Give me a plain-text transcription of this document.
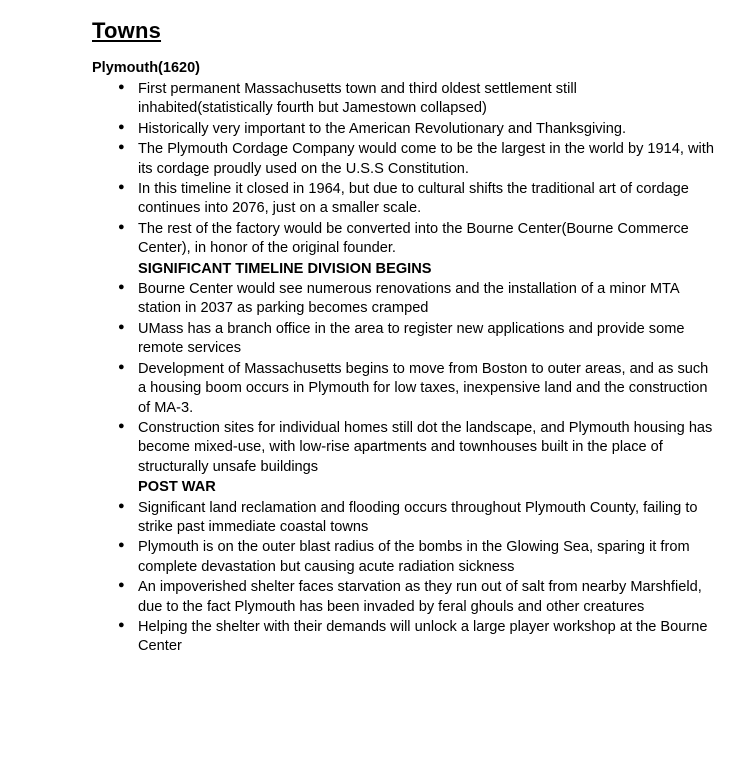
Towns
Plymouth(1620)
● First permanent Massachusetts town and third oldest settlement still inhabited(statistically fourth but Jamestown collapsed)
● Historically very important to the American Revolutionary and Thanksgiving.
● The Plymouth Cordage Company would come to be the largest in the world by 1914, with its cordage proudly used on the U.S.S Constitution.
● In this timeline it closed in 1964, but due to cultural shifts the traditional art of cordage continues into 2076, just on a smaller scale.
● The rest of the factory would be converted into the Bourne Center(Bourne Commerce Center), in honor of the original founder.
SIGNIFICANT TIMELINE DIVISION BEGINS
● Bourne Center would see numerous renovations and the installation of a minor MTA station in 2037 as parking becomes cramped
● UMass has a branch office in the area to register new applications and provide some remote services
● Development of Massachusetts begins to move from Boston to outer areas, and as such a housing boom occurs in Plymouth for low taxes, inexpensive land and the construction of MA-3.
● Construction sites for individual homes still dot the landscape, and Plymouth housing has become mixed-use, with low-rise apartments and townhouses built in the place of structurally unsafe buildings
POST WAR
● Significant land reclamation and flooding occurs throughout Plymouth County, failing to strike past immediate coastal towns
● Plymouth is on the outer blast radius of the bombs in the Glowing Sea, sparing it from complete devastation but causing acute radiation sickness
● An impoverished shelter faces starvation as they run out of salt from nearby Marshfield, due to the fact Plymouth has been invaded by feral ghouls and other creatures
● Helping the shelter with their demands will unlock a large player workshop at the Bourne Center
